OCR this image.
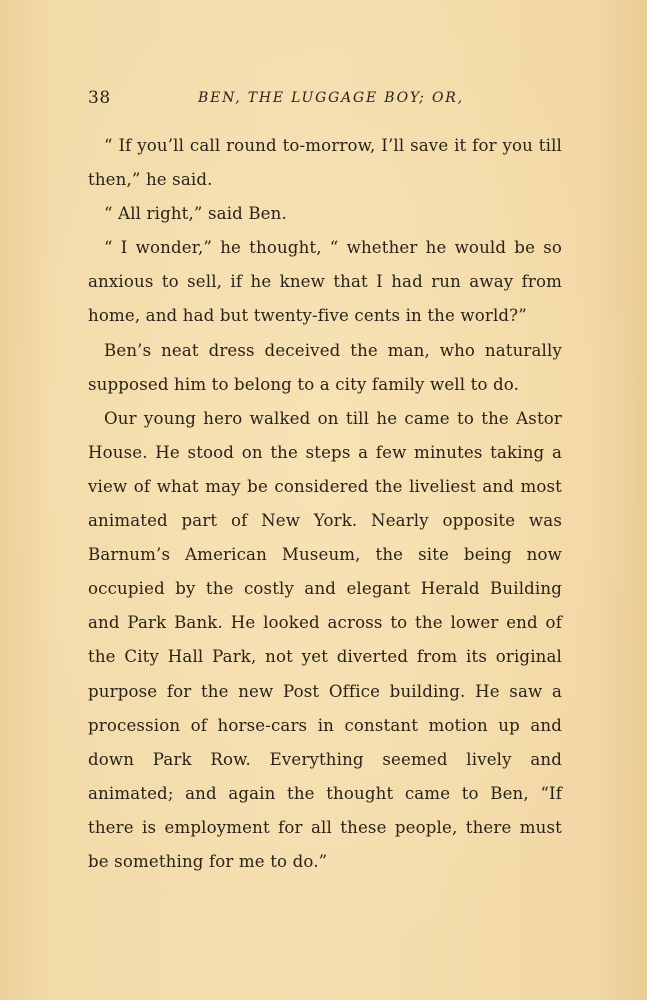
38	BEN, THE LUGGAGE BOY; OR,

“ If you’ll call round to-morrow, I’ll save it for you till then,” he said.

“ All right,” said Ben.

“ I wonder,” he thought, “ whether he would be so anxious to sell, if he knew that I had run away from home, and had but twenty-five cents in the world?”

Ben’s neat dress deceived the man, who naturally supposed him to belong to a city family well to do.

Our young hero walked on till he came to the Astor House. He stood on the steps a few minutes taking a view of what may be considered the liveliest and most animated part of New York. Nearly opposite was Barnum’s American Museum, the site being now occupied by the costly and elegant Herald Building and Park Bank. He looked across to the lower end of the City Hall Park, not yet diverted from its original purpose for the new Post Office building. He saw a procession of horse-cars in constant motion up and down Park Row. Everything seemed lively and animated; and again the thought came to Ben, “If there is employment for all these people, there must be something for me to do.”
